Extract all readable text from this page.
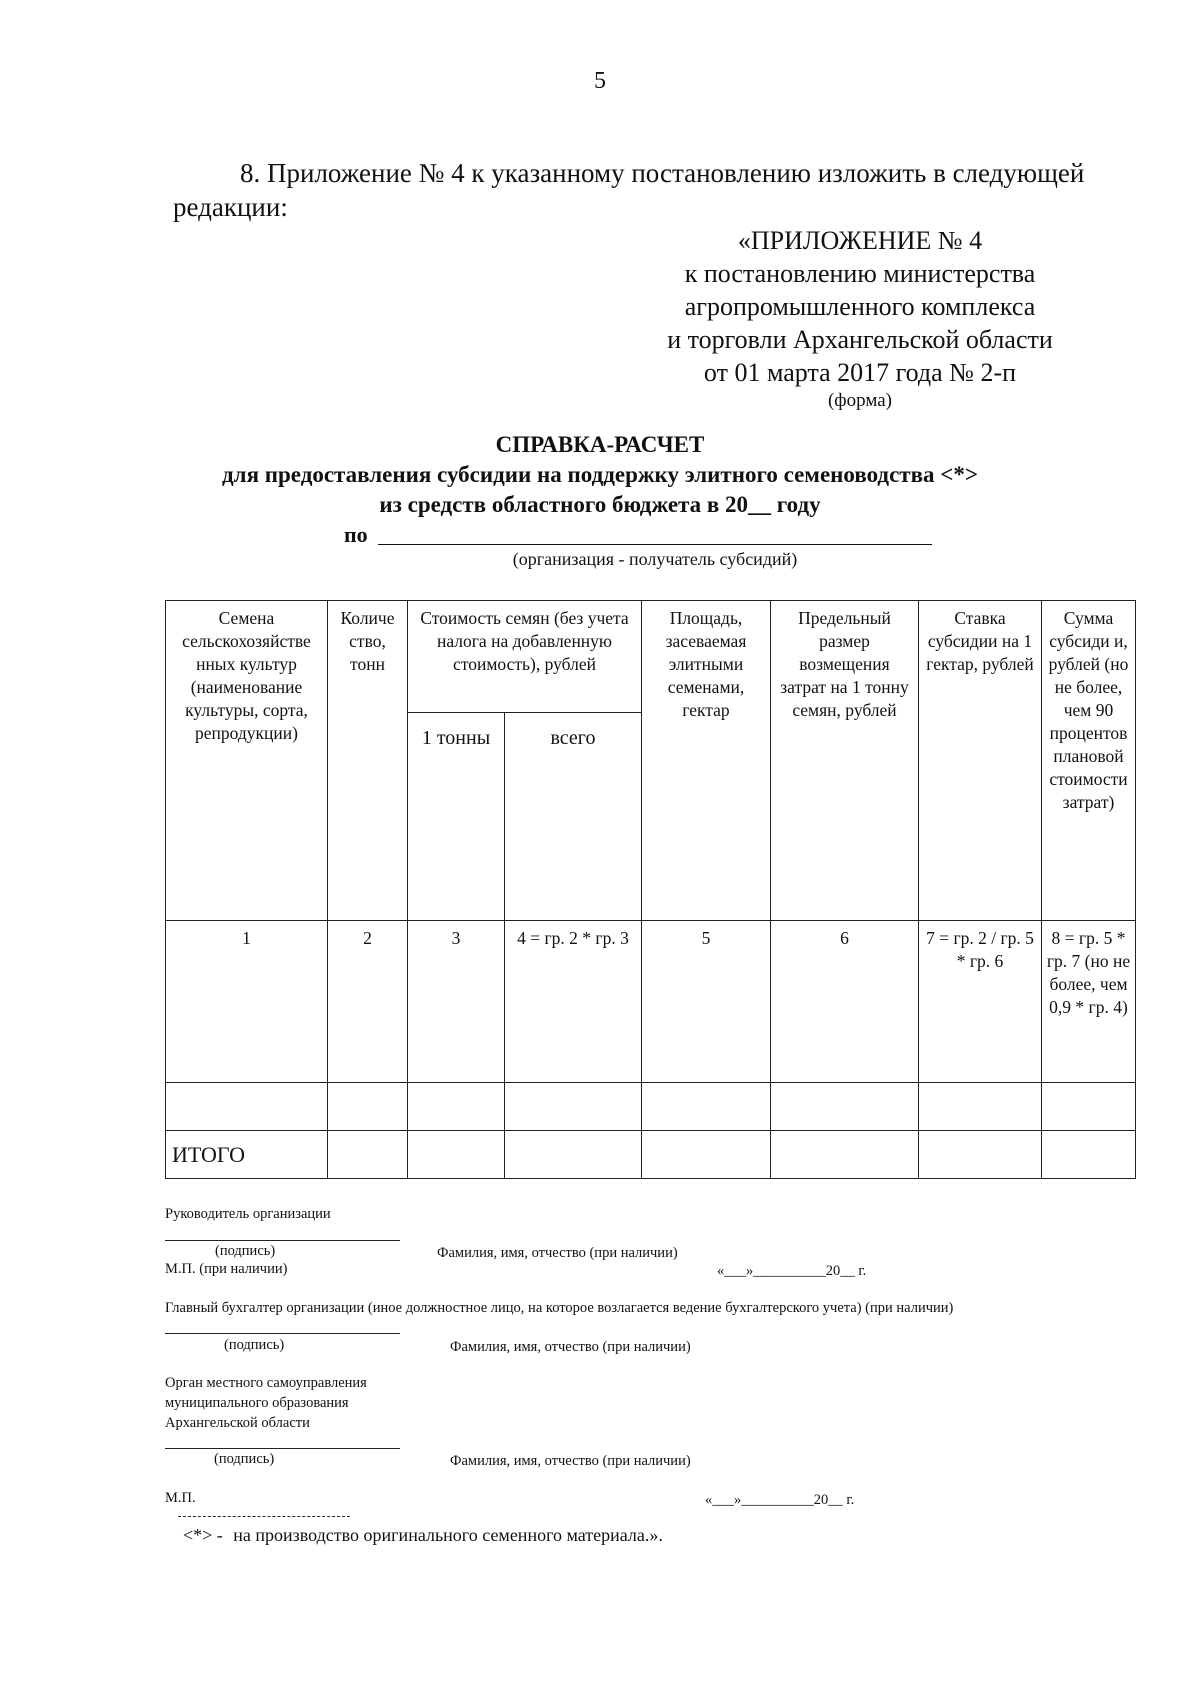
5
8. Приложение № 4 к указанному постановлению изложить в следующей
редакции:
«ПРИЛОЖЕНИЕ № 4
к постановлению министерства
агропромышленного комплекса
и торговли Архангельской области
от 01 марта 2017 года № 2-п
(форма)
СПРАВКА-РАСЧЕТ
для предоставления субсидии на поддержку элитного семеноводства <*>
из средств областного бюджета в 20__ году
по
(организация - получатель субсидий)
Семена сельскохозяйстве нных культур (наименование культуры, сорта, репродукции)	Количе ство, тонн	Стоимость семян (без учета налога на добавленную стоимость), рублей		Площадь, засеваемая элитными семенами, гектар	Предельный размер возмещения затрат на 1 тонну семян, рублей	Ставка субсидии на 1 гектар, рублей	Сумма субсиди и, рублей (но не более, чем 90 процентов плановой стоимости затрат)
		1 тонны	всего				
1	2	3	4 = гр. 2 * гр. 3	5	6	7 = гр. 2 / гр. 5 * гр. 6	8 = гр. 5 * гр. 7 (но не более, чем 0,9 * гр. 4)

ИТОГО							
Руководитель организации
(подпись)	Фамилия, имя, отчество (при наличии)
М.П. (при наличии)	«___»__________20__ г.
Главный бухгалтер организации (иное должностное лицо, на которое возлагается ведение бухгалтерского учета) (при наличии)
(подпись)	Фамилия, имя, отчество (при наличии)
Орган местного самоуправления
муниципального образования
Архангельской области
(подпись)	Фамилия, имя, отчество (при наличии)
М.П.	«___»__________20__ г.
<*> - на производство оригинального семенного материала.».
